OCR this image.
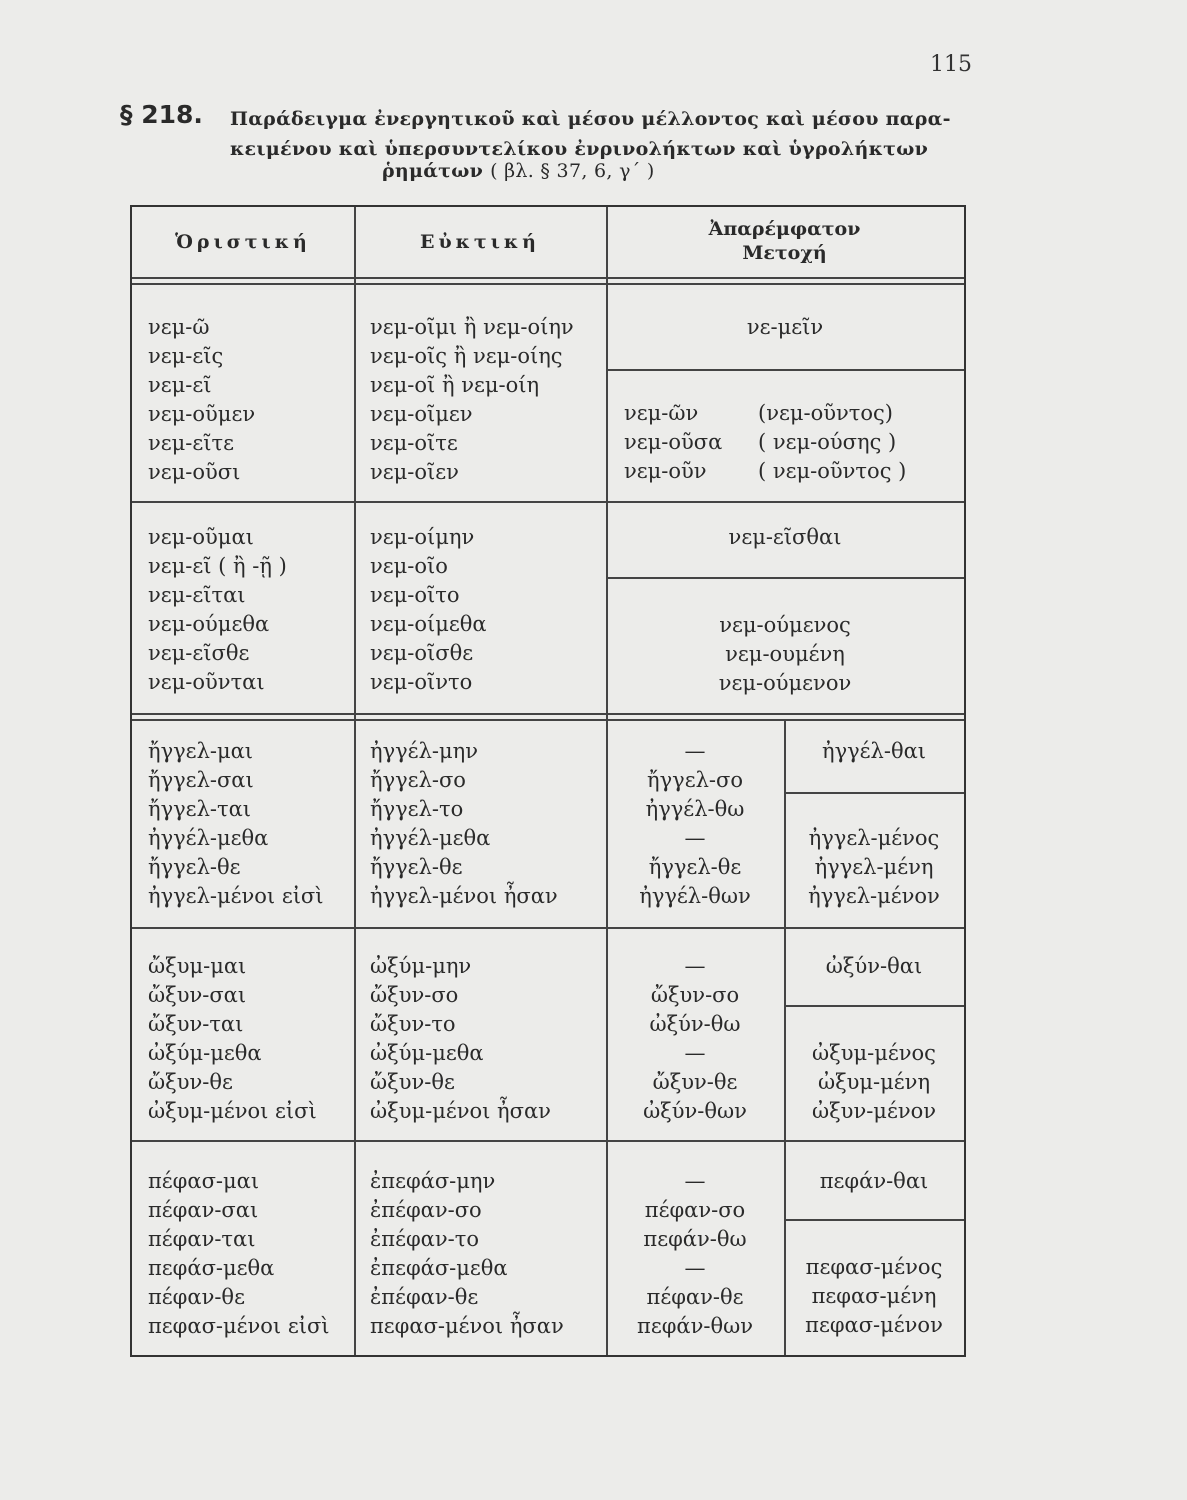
115
§ 218. Παράδειγμα ἐνεργητικοῦ καὶ μέσου μέλλοντος καὶ μέσου παρα-
κειμένου καὶ ὑπερσυντελίκου ἐνρινολήκτων καὶ ὑγρολήκτων
ῥημάτων ( βλ. § 37, 6, γ΄ )
Ὁριστική	Εὐκτική
Ἀπαρέμφατον
Μετοχή
νεμ-ῶ
νεμ-εῖς
νεμ-εῖ
νεμ-οῦμεν
νεμ-εῖτε
νεμ-οῦσι
νεμ-οῖμι ἢ νεμ-οίην
νεμ-οῖς ἢ νεμ-οίης
νεμ-οῖ ἢ νεμ-οίη
νεμ-οῖμεν
νεμ-οῖτε
νεμ-οῖεν
νε-μεῖν
νεμ-ῶν
νεμ-οῦσα
νεμ-οῦν
(νεμ-οῦντος)
( νεμ-ούσης )
( νεμ-οῦντος )
νεμ-οῦμαι
νεμ-εῖ ( ἢ -ῇ )
νεμ-εῖται
νεμ-ούμεθα
νεμ-εῖσθε
νεμ-οῦνται
νεμ-οίμην
νεμ-οῖο
νεμ-οῖτο
νεμ-οίμεθα
νεμ-οῖσθε
νεμ-οῖντο
νεμ-εῖσθαι
νεμ-ούμενος
νεμ-ουμένη
νεμ-ούμενον
ἤγγελ-μαι
ἤγγελ-σαι
ἤγγελ-ται
ἠγγέλ-μεθα
ἤγγελ-θε
ἠγγελ-μένοι εἰσὶ
ἠγγέλ-μην
ἤγγελ-σο
ἤγγελ-το
ἠγγέλ-μεθα
ἤγγελ-θε
ἠγγελ-μένοι ἦσαν
—
ἤγγελ-σο
ἠγγέλ-θω
—
ἤγγελ-θε
ἠγγέλ-θων
ἠγγέλ-θαι
ἠγγελ-μένος
ἠγγελ-μένη
ἠγγελ-μένον
ὤξυμ-μαι
ὤξυν-σαι
ὤξυν-ται
ὠξύμ-μεθα
ὤξυν-θε
ὠξυμ-μένοι εἰσὶ
ὠξύμ-μην
ὤξυν-σο
ὤξυν-το
ὠξύμ-μεθα
ὤξυν-θε
ὠξυμ-μένοι ἦσαν
—
ὤξυν-σο
ὠξύν-θω
—
ὤξυν-θε
ὠξύν-θων
ὠξύν-θαι
ὠξυμ-μένος
ὠξυμ-μένη
ὠξυν-μένον
πέφασ-μαι
πέφαν-σαι
πέφαν-ται
πεφάσ-μεθα
πέφαν-θε
πεφασ-μένοι εἰσὶ
ἐπεφάσ-μην
ἐπέφαν-σο
ἐπέφαν-το
ἐπεφάσ-μεθα
ἐπέφαν-θε
πεφασ-μένοι ἦσαν
—
πέφαν-σο
πεφάν-θω
—
πέφαν-θε
πεφάν-θων
πεφάν-θαι
πεφασ-μένος
πεφασ-μένη
πεφασ-μένον
